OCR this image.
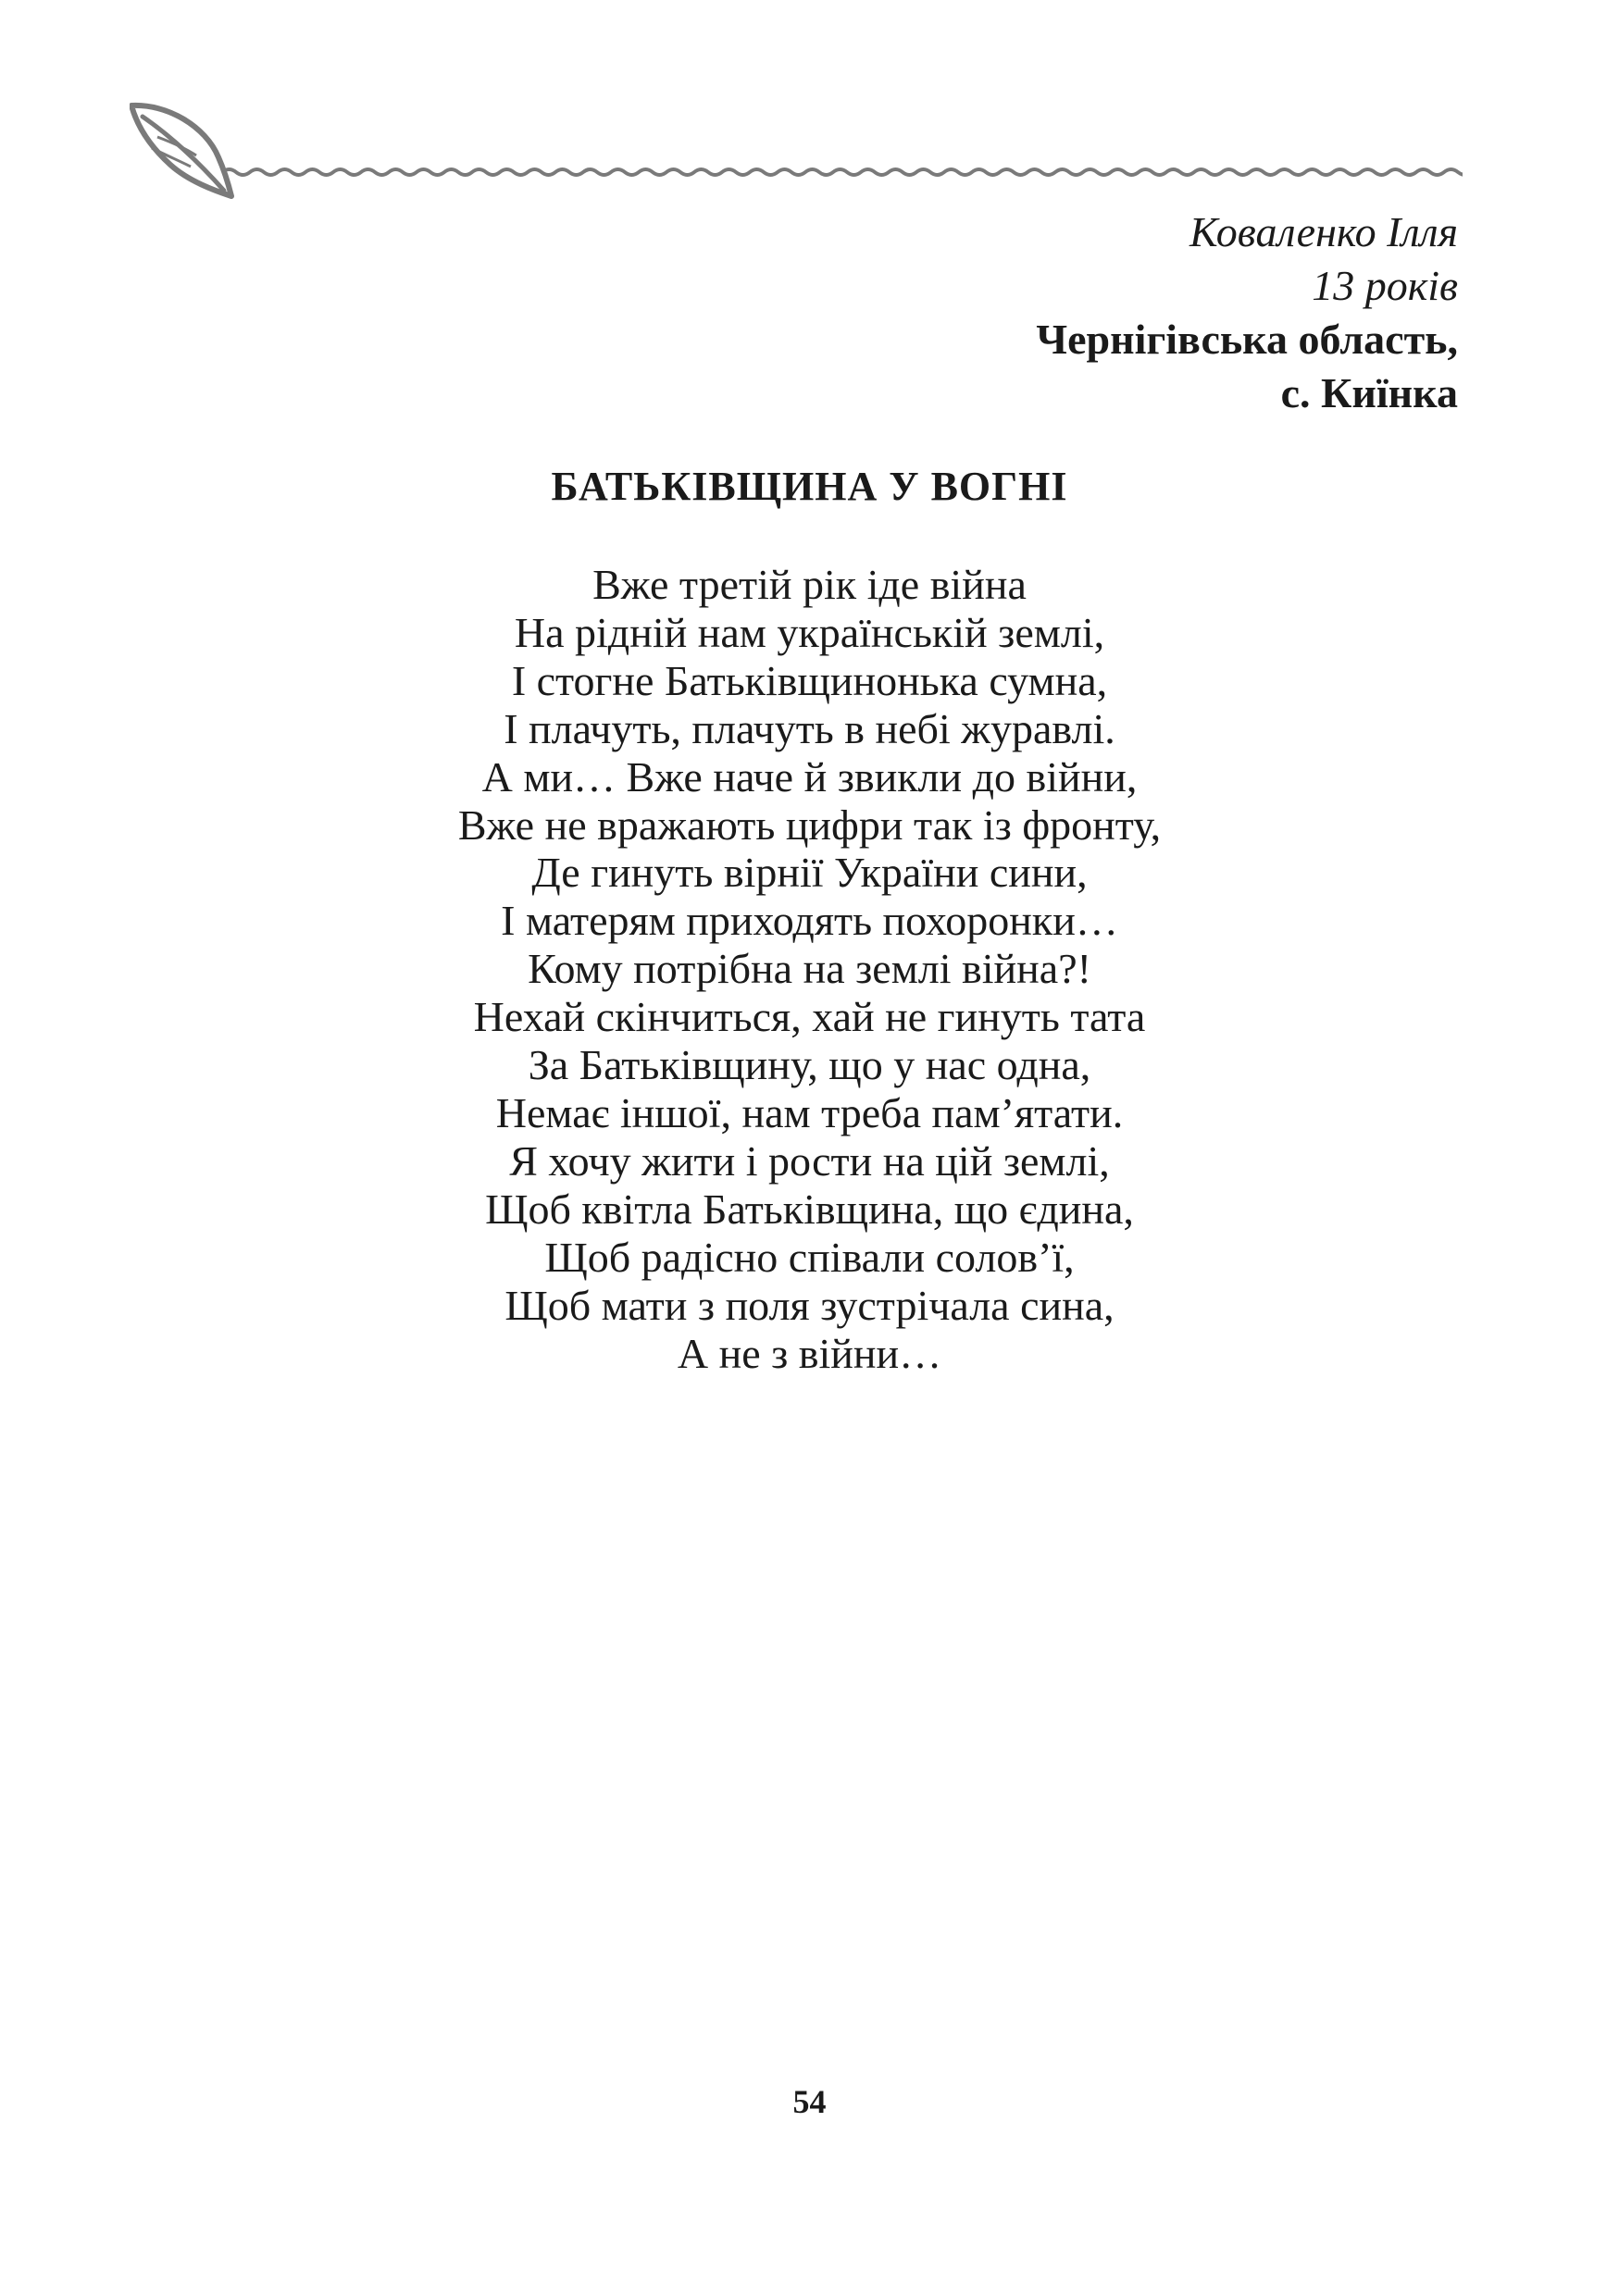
Коваленко Ілля
13 років
Чернігівська область,
с. Киїнка
БАТЬКІВЩИНА У ВОГНІ
Вже третій рік іде війна
На рідній нам українській землі,
І стогне Батьківщинонька сумна,
І плачуть, плачуть в небі журавлі.
А ми… Вже наче й звикли до війни,
Вже не вражають цифри так із фронту,
Де гинуть вірнії України сини,
І матерям приходять похоронки…
Кому потрібна на землі війна?!
Нехай скінчиться, хай не гинуть тата
За Батьківщину, що у нас одна,
Немає іншої, нам треба пам’ятати.
Я хочу жити і рости на цій землі,
Щоб квітла Батьківщина, що єдина,
Щоб радісно співали солов’ї,
Щоб мати з поля зустрічала сина,
А не з війни…
54
